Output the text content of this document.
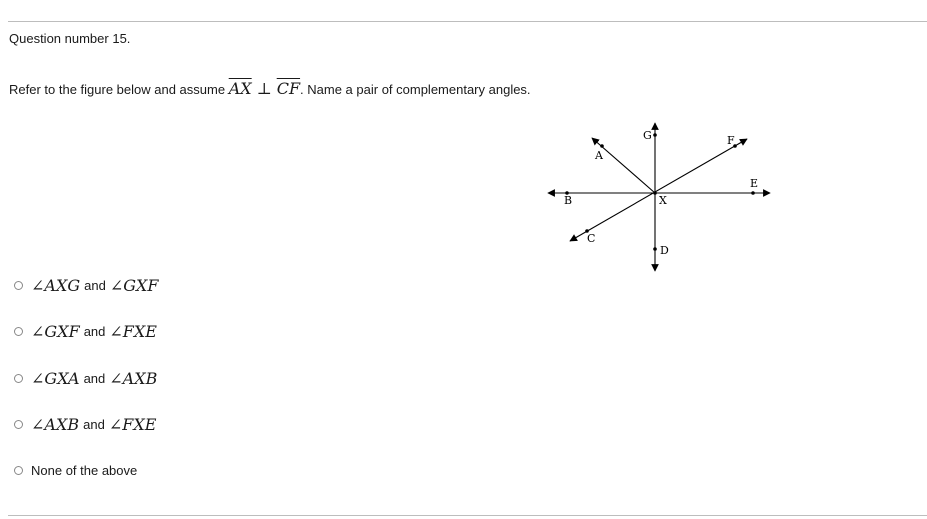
Question number 15.
Refer to the figure below and assume $\overline{AX}$ ⊥ $\overline{CF}$. Name a pair of complementary angles.
A
B
C
D
E
F
G
X
∠AXG and ∠GXF
∠GXF and ∠FXE
∠GXA and ∠AXB
∠AXB and ∠FXE
None of the above
